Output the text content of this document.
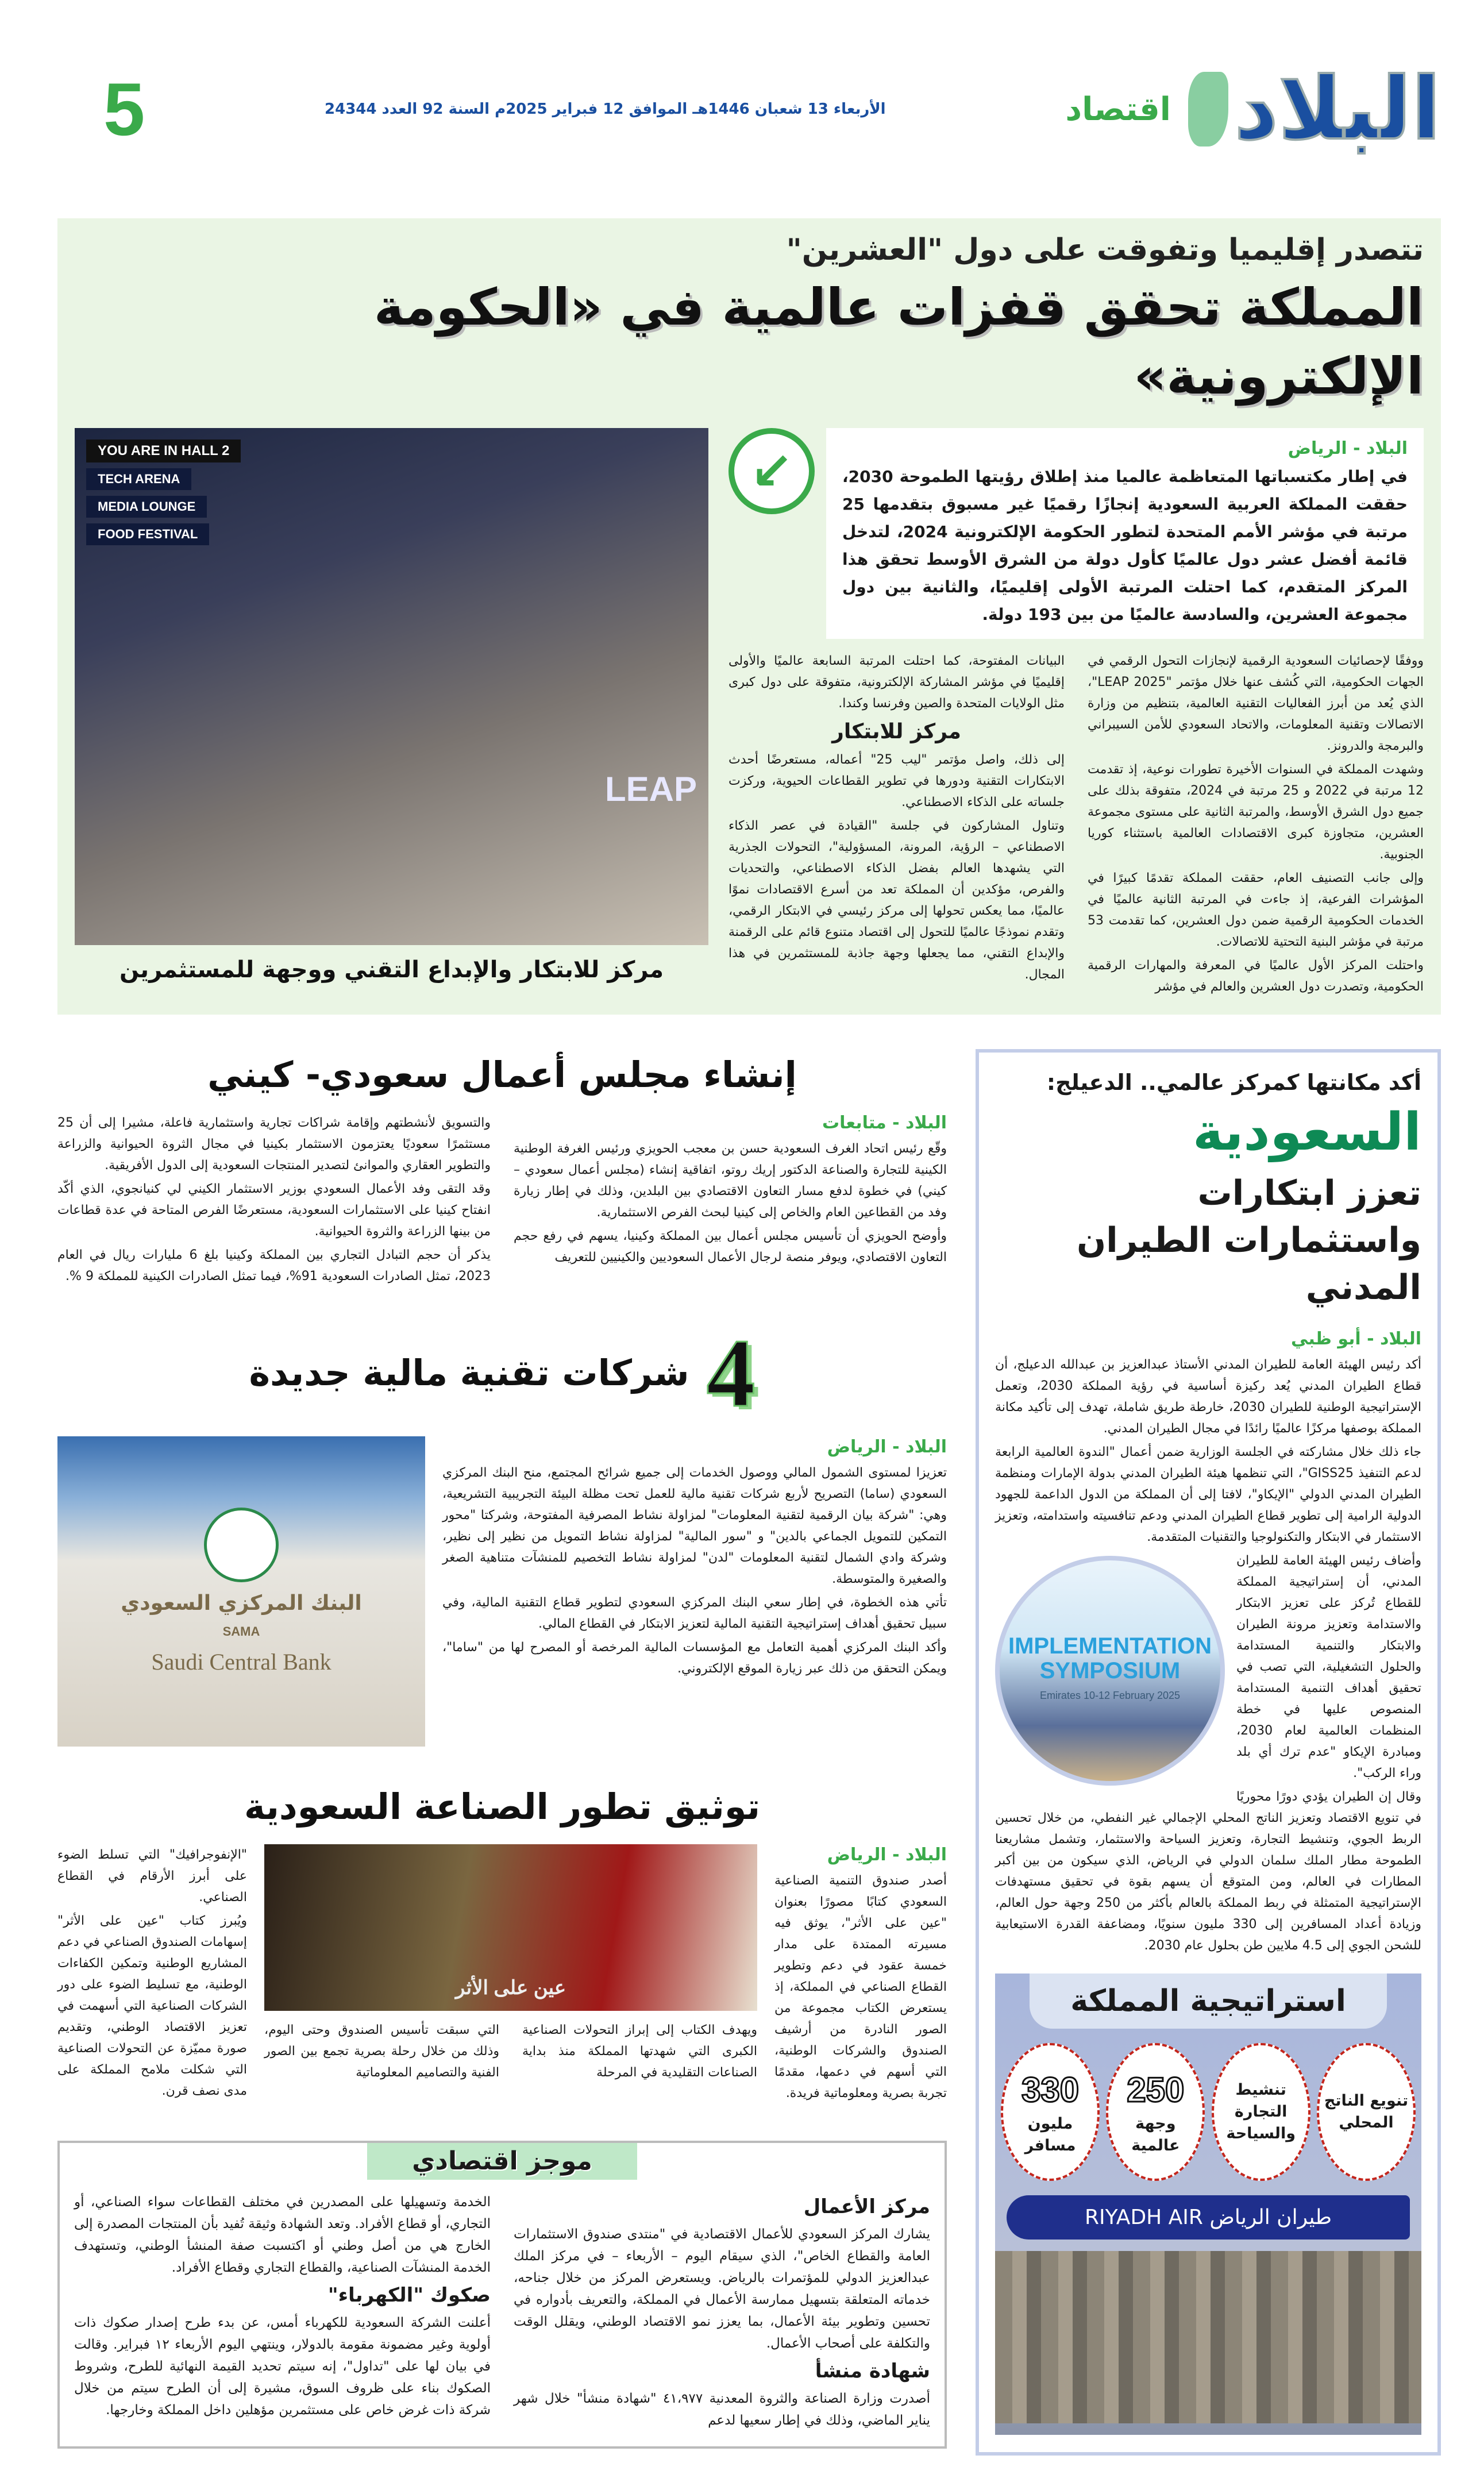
البلاد
اقتصاد
الأربعاء 13 شعبان 1446هـ الموافق 12 فبراير 2025م السنة 92 العدد 24344
5
تتصدر إقليميا وتفوقت على دول "العشرين"
المملكة تحقق قفزات عالمية في «الحكومة الإلكترونية»
البلاد - الرياض

في إطار مكتسباتها المتعاظمة عالميا منذ إطلاق رؤيتها الطموحة 2030، حققت المملكة العربية السعودية إنجازًا رقميًا غير مسبوق بتقدمها 25 مرتبة في مؤشر الأمم المتحدة لتطور الحكومة الإلكترونية 2024، لتدخل قائمة أفضل عشر دول عالميًا كأول دولة من الشرق الأوسط تحقق هذا المركز المتقدم، كما احتلت المرتبة الأولى إقليميًا، والثانية بين دول مجموعة العشرين، والسادسة عالميًا من بين 193 دولة.

↙

ووفقًا لإحصائيات السعودية الرقمية لإنجازات التحول الرقمي في الجهات الحكومية، التي كُشف عنها خلال مؤتمر "LEAP 2025"، الذي يُعد من أبرز الفعاليات التقنية العالمية، بتنظيم من وزارة الاتصالات وتقنية المعلومات، والاتحاد السعودي للأمن السيبراني والبرمجة والدرونز.

وشهدت المملكة في السنوات الأخيرة تطورات نوعية، إذ تقدمت 12 مرتبة في 2022 و 25 مرتبة في 2024، متفوقة بذلك على جميع دول الشرق الأوسط، والمرتبة الثانية على مستوى مجموعة العشرين، متجاوزة كبرى الاقتصادات العالمية باستثناء كوريا الجنوبية.

وإلى جانب التصنيف العام، حققت المملكة تقدمًا كبيرًا في المؤشرات الفرعية، إذ جاءت في المرتبة الثانية عالميًا في الخدمات الحكومية الرقمية ضمن دول العشرين، كما تقدمت 53 مرتبة في مؤشر البنية التحتية للاتصالات.

واحتلت المركز الأول عالميًا في المعرفة والمهارات الرقمية الحكومية، وتصدرت دول العشرين والعالم في مؤشر

البيانات المفتوحة، كما احتلت المرتبة السابعة عالميًا والأولى إقليميًا في مؤشر المشاركة الإلكترونية، متفوقة على دول كبرى مثل الولايات المتحدة والصين وفرنسا وكندا.

مركز للابتكار

إلى ذلك، واصل مؤتمر "ليب 25" أعماله، مستعرضًا أحدث الابتكارات التقنية ودورها في تطوير القطاعات الحيوية، وركزت جلساته على الذكاء الاصطناعي.

وتناول المشاركون في جلسة "القيادة في عصر الذكاء الاصطناعي – الرؤية، المرونة، المسؤولية"، التحولات الجذرية التي يشهدها العالم بفضل الذكاء الاصطناعي، والتحديات والفرص، مؤكدين أن المملكة تعد من أسرع الاقتصادات نموًا عالميًا، مما يعكس تحولها إلى مركز رئيسي في الابتكار الرقمي، وتقدم نموذجًا عالميًا للتحول إلى اقتصاد متنوع قائم على الرقمنة والإبداع التقني، مما يجعلها وجهة جاذبة للمستثمرين في هذا المجال.

YOU ARE IN HALL 2
TECH ARENA
MEDIA LOUNGE
FOOD FESTIVAL
LEAP
مركز للابتكار والإبداع التقني ووجهة للمستثمرين
أكد مكانتها كمركز عالمي.. الدعيلج:
السعودية
تعزز ابتكارات واستثمارات الطيران المدني
البلاد - أبو ظبي

أكد رئيس الهيئة العامة للطيران المدني الأستاذ عبدالعزيز بن عبدالله الدعيلج، أن قطاع الطيران المدني يُعد ركيزة أساسية في رؤية المملكة 2030، وتعمل الإستراتيجية الوطنية للطيران 2030، خارطة طريق شاملة، تهدف إلى تأكيد مكانة المملكة بوصفها مركزًا عالميًا رائدًا في مجال الطيران المدني.

جاء ذلك خلال مشاركته في الجلسة الوزارية ضمن أعمال "الندوة العالمية الرابعة لدعم التنفيذ GISS25"، التي تنظمها هيئة الطيران المدني بدولة الإمارات ومنظمة الطيران المدني الدولي "الإيكاو"، لافتا إلى أن المملكة من الدول الداعمة للجهود الدولية الرامية إلى تطوير قطاع الطيران المدني ودعم تنافسيته واستدامته، وتعزيز الاستثمار في الابتكار والتكنولوجيا والتقنيات المتقدمة.

IMPLEMENTATION
SYMPOSIUM
Emirates 10-12 February 2025

وأضاف رئيس الهيئة العامة للطيران المدني، أن إستراتيجية المملكة للقطاع تُركز على تعزيز الابتكار والاستدامة وتعزيز مرونة الطيران والابتكار والتنمية المستدامة والحلول التشغيلية، التي تصب في تحقيق أهداف التنمية المستدامة المنصوص عليها في خطة المنظمات العالمية لعام 2030، ومبادرة الإيكاو "عدم ترك أي بلد وراء الركب".

وقال إن الطيران يؤدي دورًا محوريًا في تنويع الاقتصاد وتعزيز الناتج المحلي الإجمالي غير النفطي، من خلال تحسين الربط الجوي، وتنشيط التجارة، وتعزيز السياحة والاستثمار، وتشمل مشاريعنا الطموحة مطار الملك سلمان الدولي في الرياض، الذي سيكون من بين أكبر المطارات في العالم، ومن المتوقع أن يسهم بقوة في تحقيق مستهدفات الإستراتيجية المتمثلة في ربط المملكة بالعالم بأكثر من 250 وجهة حول العالم، وزيادة أعداد المسافرين إلى 330 مليون سنويًا، ومضاعفة القدرة الاستيعابية للشحن الجوي إلى 4.5 ملايين طن بحلول عام 2030.

استراتيجية المملكة
تنويع الناتج المحلي
تنشيط التجارة والسياحة
250
وجهة عالمية
330
مليون مسافر
طيران الرياض RIYADH AIR
إنشاء مجلس أعمال سعودي- كيني
البلاد - متابعات

وقّع رئيس اتحاد الغرف السعودية حسن بن معجب الحويزي ورئيس الغرفة الوطنية الكينية للتجارة والصناعة الدكتور إريك روتو، اتفاقية إنشاء (مجلس أعمال سعودي – كيني) في خطوة لدفع مسار التعاون الاقتصادي بين البلدين، وذلك في إطار زيارة وفد من القطاعين العام والخاص إلى كينيا لبحث الفرص الاستثمارية.

وأوضح الحويزي أن تأسيس مجلس أعمال بين المملكة وكينيا، يسهم في رفع حجم التعاون الاقتصادي، ويوفر منصة لرجال الأعمال السعوديين والكينيين للتعريف

والتسويق لأنشطتهم وإقامة شراكات تجارية واستثمارية فاعلة، مشيرا إلى أن 25 مستثمرًا سعوديًا يعتزمون الاستثمار بكينيا في مجال الثروة الحيوانية والزراعة والتطوير العقاري والموانئ لتصدير المنتجات السعودية إلى الدول الأفريقية.

وقد التقى وفد الأعمال السعودي بوزير الاستثمار الكيني لي كنيانجوي، الذي أكّد انفتاح كينيا على الاستثمارات السعودية، مستعرضًا الفرص المتاحة في عدة قطاعات من بينها الزراعة والثروة الحيوانية.

يذكر أن حجم التبادل التجاري بين المملكة وكينيا بلغ 6 مليارات ريال في العام 2023، تمثل الصادرات السعودية 91%، فيما تمثل الصادرات الكينية للمملكة 9 %.

4
شركات تقنية مالية جديدة
البلاد - الرياض

تعزيزا لمستوى الشمول المالي ووصول الخدمات إلى جميع شرائح المجتمع، منح البنك المركزي السعودي (ساما) التصريح لأربع شركات تقنية مالية للعمل تحت مظلة البيئة التجريبية التشريعية، وهي: "شركة بيان الرقمية لتقنية المعلومات" لمزاولة نشاط المصرفية المفتوحة، وشركتا "محور التمكين للتمويل الجماعي بالدين" و "سور المالية" لمزاولة نشاط التمويل من نظير إلى نظير، وشركة وادي الشمال لتقنية المعلومات "لدن" لمزاولة نشاط التخصيم للمنشآت متناهية الصغر والصغيرة والمتوسطة.

تأتي هذه الخطوة، في إطار سعي البنك المركزي السعودي لتطوير قطاع التقنية المالية، وفي سبيل تحقيق أهداف إستراتيجية التقنية المالية لتعزيز الابتكار في القطاع المالي.

وأكد البنك المركزي أهمية التعامل مع المؤسسات المالية المرخصة أو المصرح لها من "ساما"، ويمكن التحقق من ذلك عبر زيارة الموقع الإلكتروني.

البنك المركزي السعودي
SAMA
Saudi Central Bank
توثيق تطور الصناعة السعودية
البلاد - الرياض

أصدر صندوق التنمية الصناعية السعودي كتابًا مصورًا بعنوان "عين على الأثر"، يوثق فيه مسيرته الممتدة على مدار خمسة عقود في دعم وتطوير القطاع الصناعي في المملكة، إذ يستعرض الكتاب مجموعة من الصور النادرة من أرشيف الصندوق والشركات الوطنية، التي أسهم في دعمها، مقدمًا تجربة بصرية ومعلوماتية فريدة.

عين على الأثر

ويهدف الكتاب إلى إبراز التحولات الصناعية الكبرى التي شهدتها المملكة منذ بداية الصناعات التقليدية في المرحلة

التي سبقت تأسيس الصندوق وحتى اليوم، وذلك من خلال رحلة بصرية تجمع بين الصور الفنية والتصاميم المعلوماتية

"الإنفوجرافيك" التي تسلط الضوء على أبرز الأرقام في القطاع الصناعي.

ويُبرز كتاب "عين على الأثر" إسهامات الصندوق الصناعي في دعم المشاريع الوطنية وتمكين الكفاءات الوطنية، مع تسليط الضوء على دور الشركات الصناعية التي أسهمت في تعزيز الاقتصاد الوطني، وتقديم صورة مميّزة عن التحولات الصناعية التي شكلت ملامح المملكة على مدى نصف قرن.

موجز اقتصادي
مركز الأعمال

يشارك المركز السعودي للأعمال الاقتصادية في "منتدى صندوق الاستثمارات العامة والقطاع الخاص"، الذي سيقام اليوم – الأربعاء – في مركز الملك عبدالعزيز الدولي للمؤتمرات بالرياض. ويستعرض المركز من خلال جناحه، خدماته المتعلقة بتسهيل ممارسة الأعمال في المملكة، والتعريف بأدواره في تحسين وتطوير بيئة الأعمال، بما يعزز نمو الاقتصاد الوطني، ويقلل الوقت والتكلفة على أصحاب الأعمال.

شهادة منشأ

أصدرت وزارة الصناعة والثروة المعدنية ٤١،٩٧٧ "شهادة منشأ" خلال شهر يناير الماضي، وذلك في إطار سعيها لدعم

الخدمة وتسهيلها على المصدرين في مختلف القطاعات سواء الصناعي، أو التجاري، أو قطاع الأفراد. وتعد الشهادة وثيقة تُفيد بأن المنتجات المصدرة إلى الخارج هي من أصل وطني أو اكتسبت صفة المنشأ الوطني، وتستهدف الخدمة المنشآت الصناعية، والقطاع التجاري وقطاع الأفراد.

صكوك "الكهرباء"

أعلنت الشركة السعودية للكهرباء أمس، عن بدء طرح إصدار صكوك ذات أولوية وغير مضمونة مقومة بالدولار، وينتهي اليوم الأربعاء ١٢ فبراير. وقالت في بيان لها على "تداول"، إنه سيتم تحديد القيمة النهائية للطرح، وشروط الصكوك بناء على ظروف السوق، مشيرة إلى أن الطرح سيتم من خلال شركة ذات غرض خاص على مستثمرين مؤهلين داخل المملكة وخارجها.
